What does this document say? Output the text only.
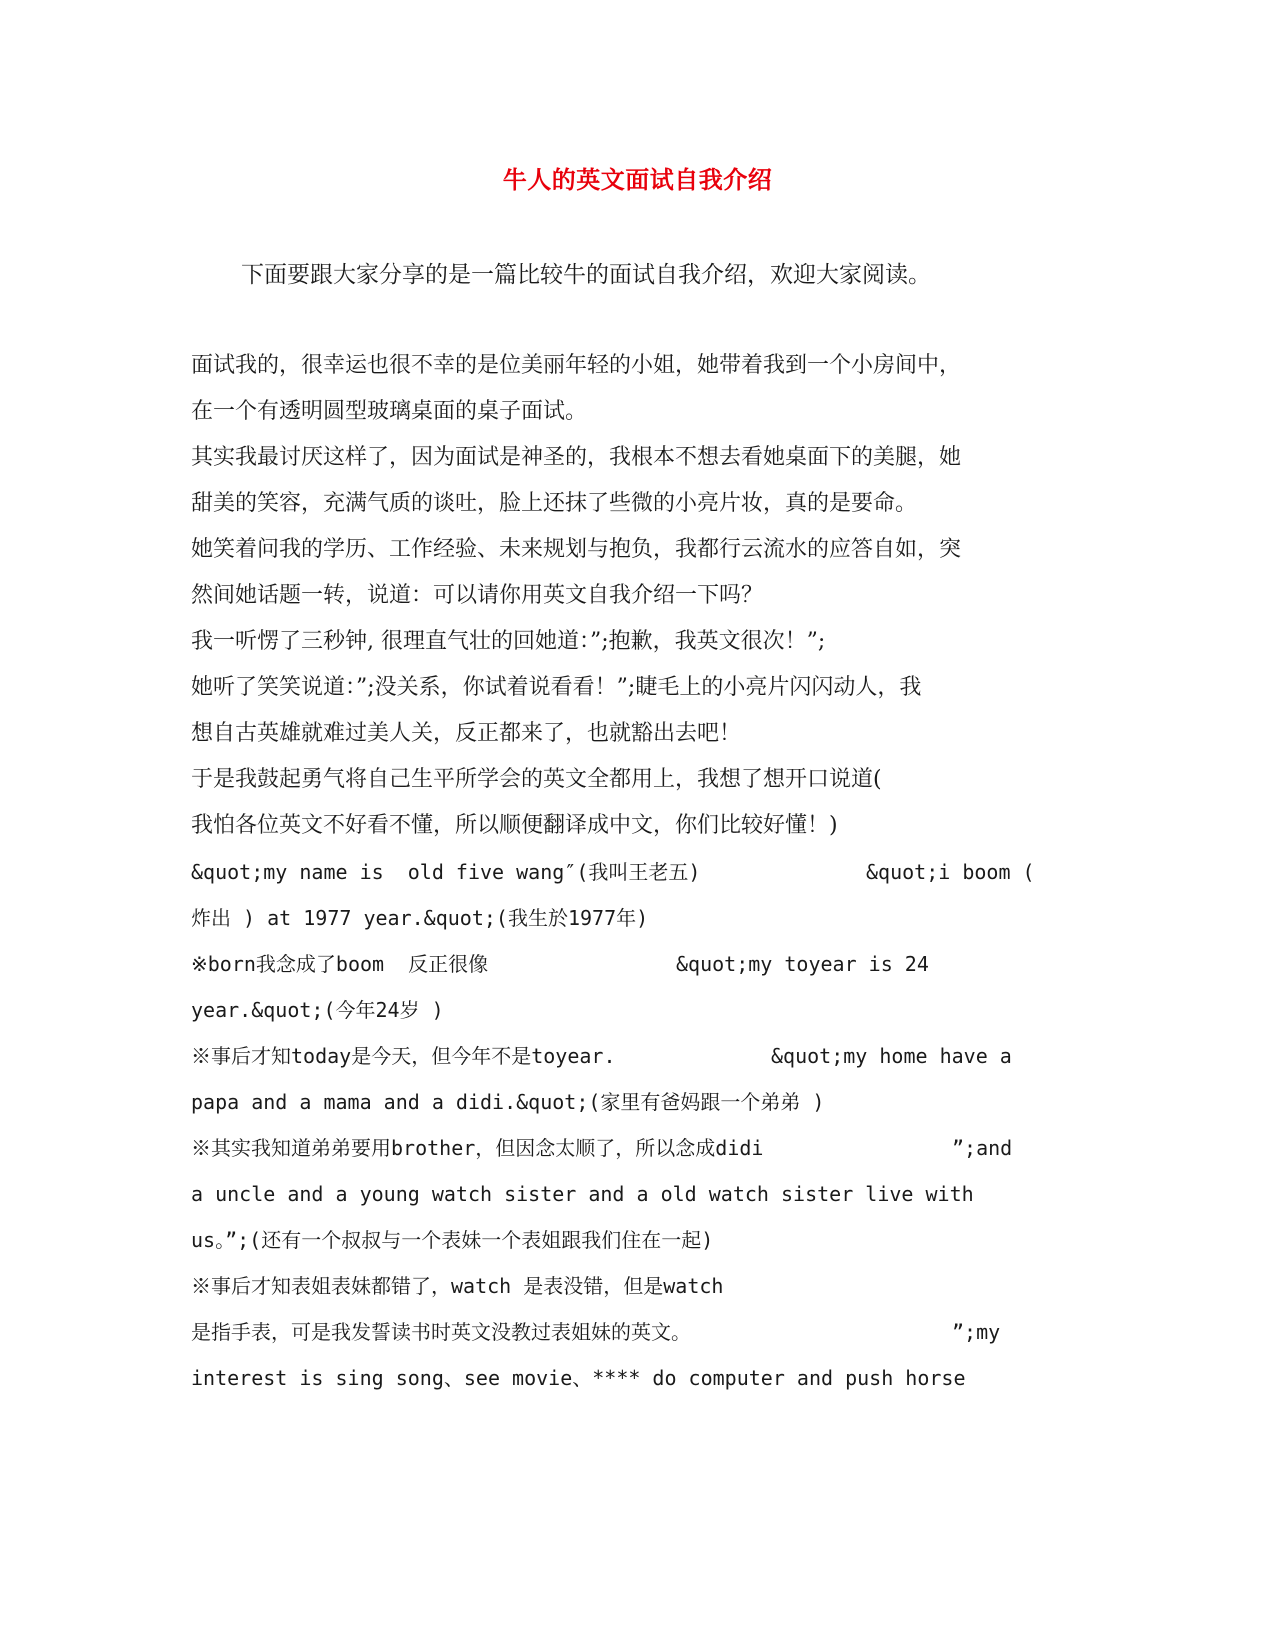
牛人的英文面试自我介绍
下面要跟大家分享的是一篇比较牛的面试自我介绍，欢迎大家阅读。
面试我的，很幸运也很不幸的是位美丽年轻的小姐，她带着我到一个小房间中，
在一个有透明圆型玻璃桌面的桌子面试。
其实我最讨厌这样了，因为面试是神圣的，我根本不想去看她桌面下的美腿，她
甜美的笑容，充满气质的谈吐，脸上还抹了些微的小亮片妆，真的是要命。
她笑着问我的学历、工作经验、未来规划与抱负，我都行云流水的应答自如，突
然间她话题一转，说道：可以请你用英文自我介绍一下吗？
我一听愣了三秒钟, 很理直气壮的回她道：”;抱歉，我英文很次！”;
她听了笑笑说道：”;没关系，你试着说看看！”;睫毛上的小亮片闪闪动人，我
想自古英雄就难过美人关，反正都来了，也就豁出去吧！
于是我鼓起勇气将自己生平所学会的英文全都用上，我想了想开口说道(
我怕各位英文不好看不懂，所以顺便翻译成中文，你们比较好懂！)
&quot;my name is  old five wang″(我叫王老五)	&quot;i boom (
炸出 ) at 1977 year.&quot;(我生於1977年)
※born我念成了boom  反正很像	&quot;my toyear is 24
year.&quot;(今年24岁 )
※事后才知today是今天，但今年不是toyear.	&quot;my home have a
papa and a mama and a didi.&quot;(家里有爸妈跟一个弟弟 )
※其实我知道弟弟要用brother，但因念太顺了，所以念成didi	”;and
a uncle and a young watch sister and a old watch sister live with
us。”;(还有一个叔叔与一个表妹一个表姐跟我们住在一起)
※事后才知表姐表妹都错了，watch 是表没错，但是watch
是指手表，可是我发誓读书时英文没教过表姐妹的英文。	”;my
interest is sing song、see movie、**** do computer and push horse
